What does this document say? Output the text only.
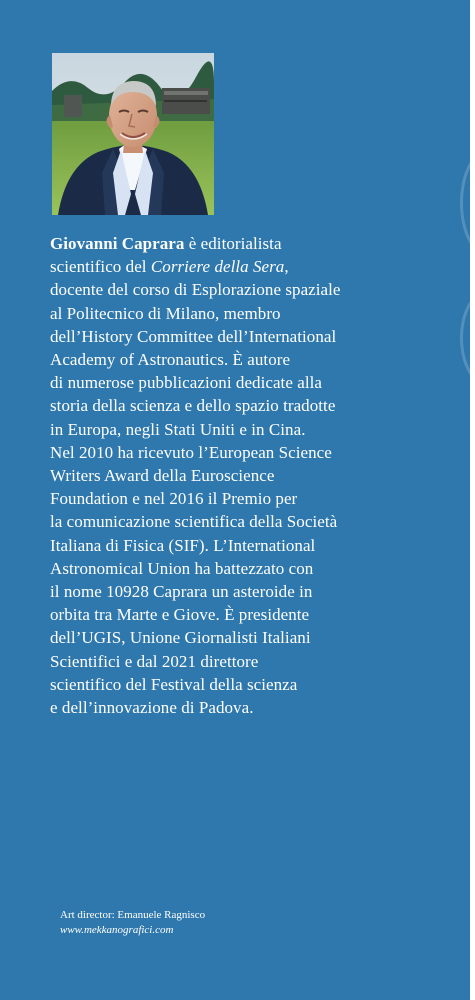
Giovanni Caprara è editorialista
scientifico del Corriere della Sera,
docente del corso di Esplorazione spaziale
al Politecnico di Milano, membro
dell’History Committee dell’International
Academy of Astronautics. È autore
di numerose pubblicazioni dedicate alla
storia della scienza e dello spazio tradotte
in Europa, negli Stati Uniti e in Cina.
Nel 2010 ha ricevuto l’European Science
Writers Award della Euroscience
Foundation e nel 2016 il Premio per
la comunicazione scientifica della Società
Italiana di Fisica (SIF). L’International
Astronomical Union ha battezzato con
il nome 10928 Caprara un asteroide in
orbita tra Marte e Giove. È presidente
dell’UGIS, Unione Giornalisti Italiani
Scientifici e dal 2021 direttore
scientifico del Festival della scienza
e dell’innovazione di Padova.
Art director: Emanuele Ragnisco
www.mekkanografici.com
